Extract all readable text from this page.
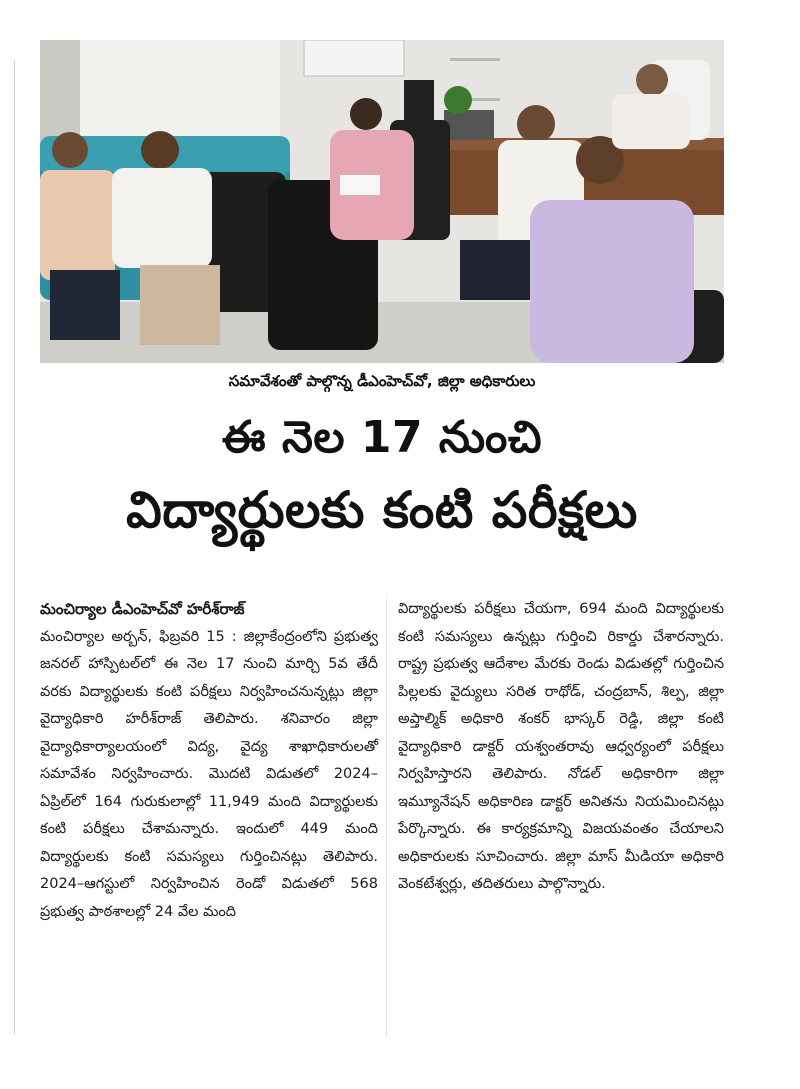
సమావేశంతో పాల్గొన్న డీఎంహెచ్‌వో, జిల్లా అధికారులు
ఈ నెల 17 నుంచి
విద్యార్థులకు కంటి పరీక్షలు
మంచిర్యాల డీఎంహెచ్‌వో హరీశ్‌రాజ్

మంచిర్యాల అర్బన్, ఫిబ్రవరి 15 : జిల్లాకేంద్రంలోని ప్రభుత్వ జనరల్ హాస్పిటల్‌లో ఈ నెల 17 నుంచి మార్చి 5వ తేదీ వరకు విద్యార్థులకు కంటి పరీక్షలు నిర్వహించనున్నట్లు జిల్లా వైద్యాధికారి హరీశ్‌రాజ్ తెలిపారు. శనివారం జిల్లా వైద్యాధికార్యాలయంలో విద్య, వైద్య శాఖాధికారులతో సమావేశం నిర్వహించారు. మొదటి విడుతలో 2024–ఏప్రిల్‌లో 164 గురుకులాల్లో 11,949 మంది విద్యార్థులకు కంటి పరీక్షలు చేశామన్నారు. ఇందులో 449 మంది విద్యార్థులకు కంటి సమస్యలు గుర్తించినట్లు తెలిపారు. 2024–ఆగస్టులో నిర్వహించిన రెండో విడుతలో 568 ప్రభుత్వ పాఠశాలల్లో 24 వేల మంది

విద్యార్థులకు పరీక్షలు చేయగా, 694 మంది విద్యార్థులకు కంటి సమస్యలు ఉన్నట్లు గుర్తించి రికార్డు చేశారన్నారు. రాష్ట్ర ప్రభుత్వ ఆదేశాల మేరకు రెండు విడుతల్లో గుర్తించిన పిల్లలకు వైద్యులు సరిత రాథోడ్, చంద్రబాన్, శిల్ప, జిల్లా అప్తాల్మిక్ అధికారి శంకర్ భాస్కర్ రెడ్డి, జిల్లా కంటి వైద్యాధికారి డాక్టర్ యశ్వంతరావు ఆధ్వర్యంలో పరీక్షలు నిర్వహిస్తారని తెలిపారు. నోడల్ అధికారిగా జిల్లా ఇమ్యూనేషన్ అధికారిణ డాక్టర్ అనితను నియమించినట్లు పేర్కొన్నారు. ఈ కార్యక్రమాన్ని విజయవంతం చేయాలని అధికారులకు సూచించారు. జిల్లా మాస్ మీడియా అధికారి వెంకటేశ్వర్లు, తదితరులు పాల్గొన్నారు.
